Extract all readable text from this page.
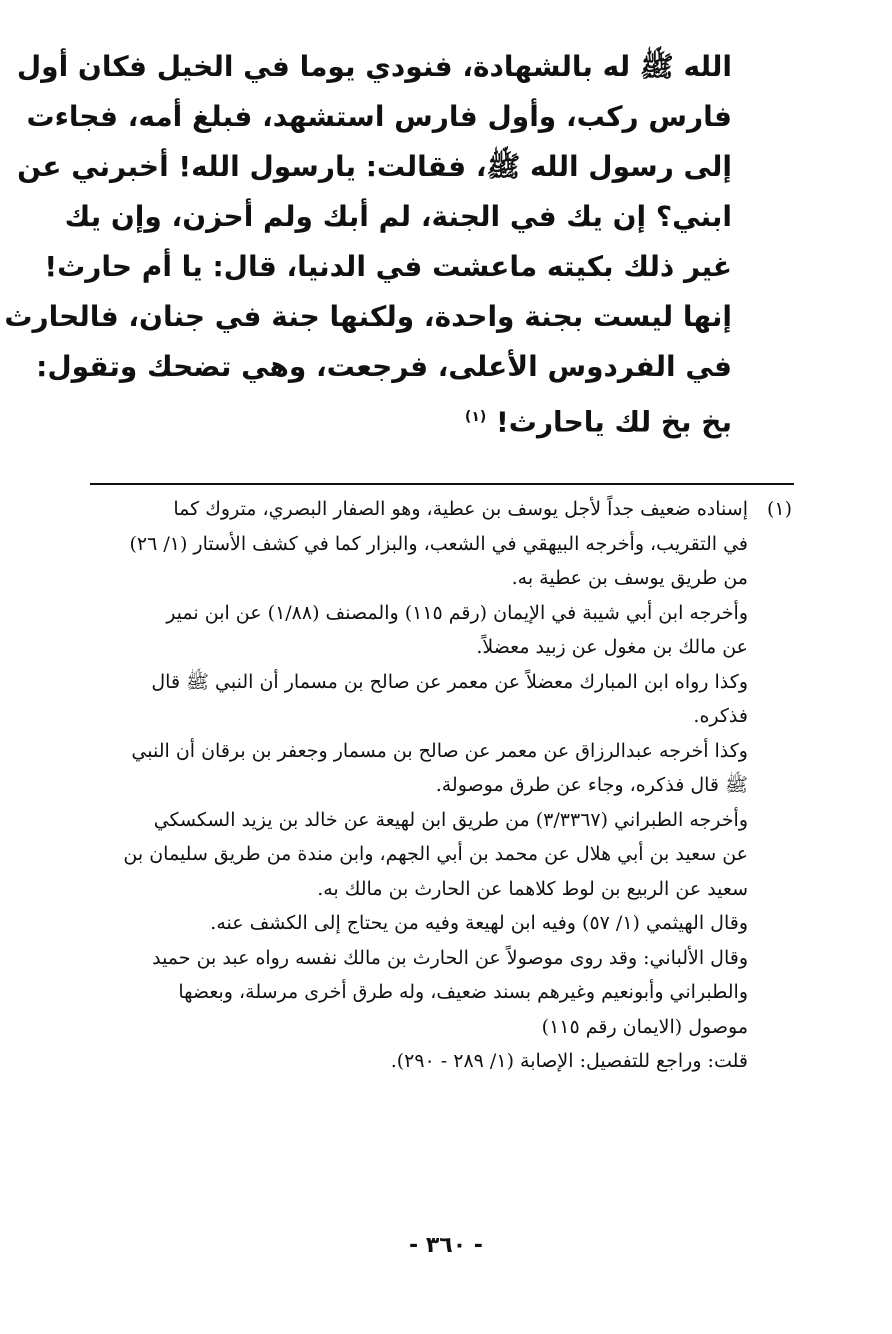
الله ﷺ له بالشهادة، فنودي يوما في الخيل فكان أول
فارس ركب، وأول فارس استشهد، فبلغ أمه، فجاءت
إلى رسول الله ﷺ، فقالت: يارسول الله! أخبرني عن
ابني؟ إن يك في الجنة، لم أبك ولم أحزن، وإن يك
غير ذلك بكيته ماعشت في الدنيا، قال: يا أم حارث!
إنها ليست بجنة واحدة، ولكنها جنة في جنان، فالحارث
في الفردوس الأعلى، فرجعت، وهي تضحك وتقول:
بخ بخ لك ياحارث! $^{(١)}$
(١)إسناده ضعيف جداً لأجل يوسف بن عطية، وهو الصفار البصري، متروك كما
في التقريب، وأخرجه البيهقي في الشعب، والبزار كما في كشف الأستار (١/ ٢٦)
من طريق يوسف بن عطية به.
وأخرجه ابن أبي شيبة في الإيمان (رقم ١١٥) والمصنف (١/٨٨) عن ابن نمير
عن مالك بن مغول عن زبيد معضلاً.
وكذا رواه ابن المبارك معضلاً عن معمر عن صالح بن مسمار أن النبي ﷺ قال
فذكره.
وكذا أخرجه عبدالرزاق عن معمر عن صالح بن مسمار وجعفر بن برقان أن النبي
ﷺ قال فذكره، وجاء عن طرق موصولة.
وأخرجه الطبراني (٣/٣٣٦٧) من طريق ابن لهيعة عن خالد بن يزيد السكسكي
عن سعيد بن أبي هلال عن محمد بن أبي الجهم، وابن مندة من طريق سليمان بن
سعيد عن الربيع بن لوط كلاهما عن الحارث بن مالك به.
وقال الهيثمي (١/ ٥٧) وفيه ابن لهيعة وفيه من يحتاج إلى الكشف عنه.
وقال الألباني: وقد روى موصولاً عن الحارث بن مالك نفسه رواه عبد بن حميد
والطبراني وأبونعيم وغيرهم بسند ضعيف، وله طرق أخرى مرسلة، وبعضها
موصول (الايمان رقم ١١٥)
قلت: وراجع للتفصيل: الإصابة (١/ ٢٨٩ - ٢٩٠).
- ٣٦٠ -
